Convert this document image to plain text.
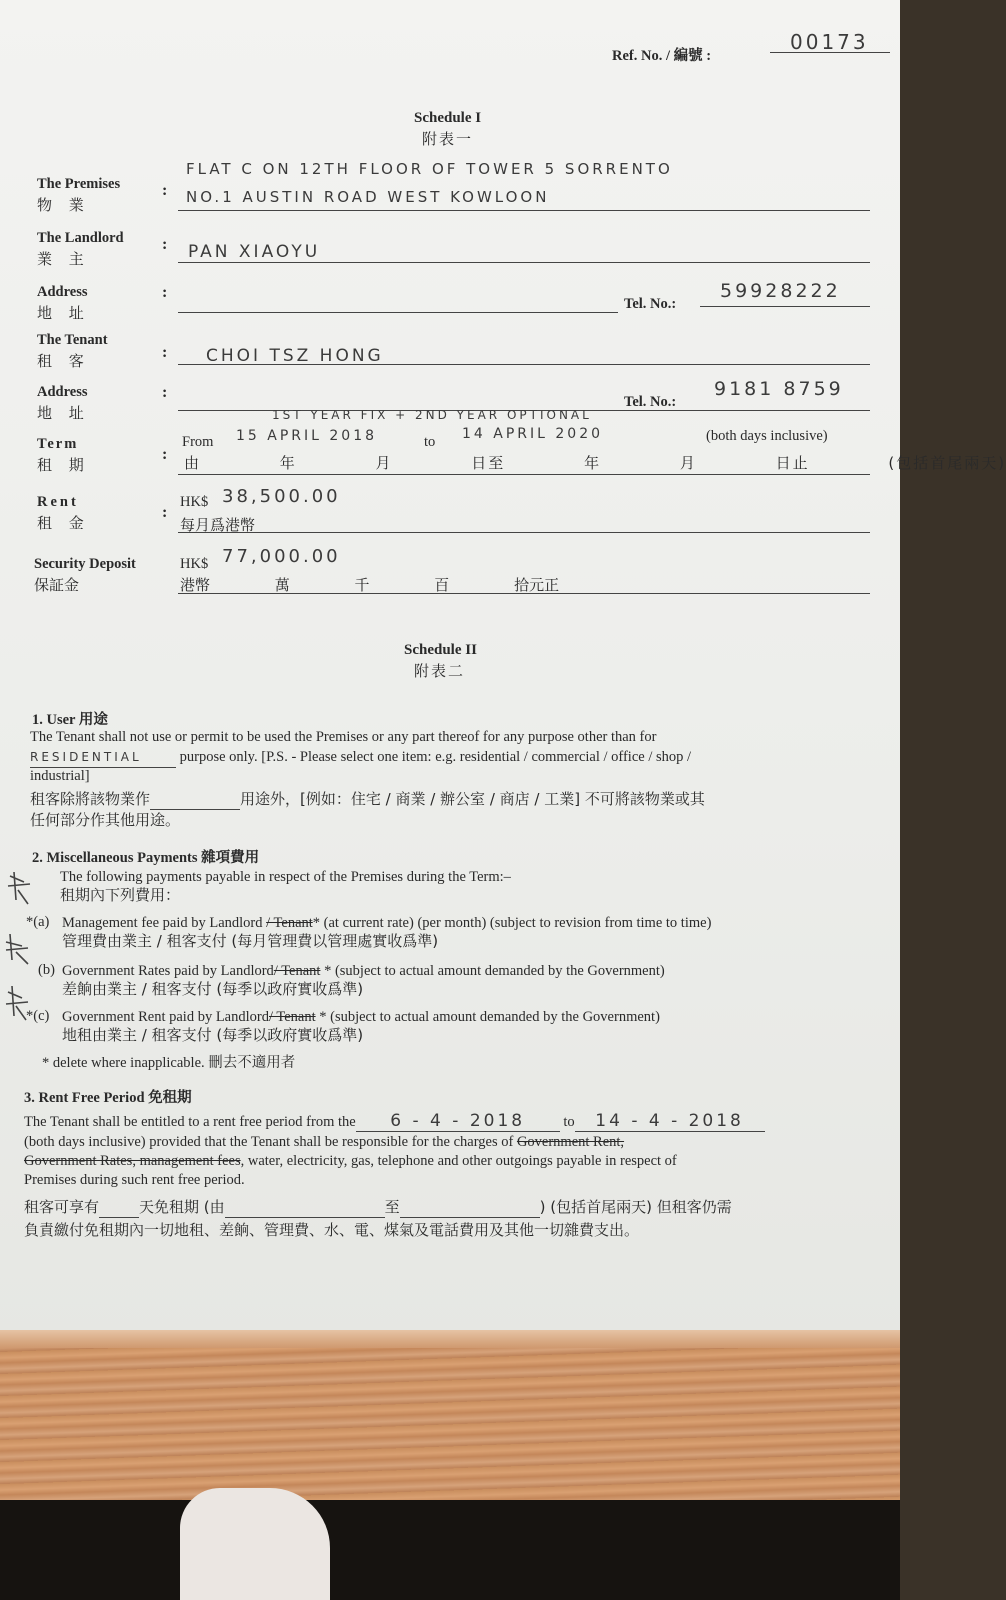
Ref. No. / 編號 :
00173
Schedule I
附表一
The Premises
物 業
:
FLAT C ON 12TH FLOOR OF TOWER 5 SORRENTO
NO.1 AUSTIN ROAD WEST KOWLOON
The Landlord
業 主
: PAN XIAOYU
Address
地 址
:
Tel. No.:
59928222
The Tenant
租 客	: CHOI TSZ HONG
Address
地 址
:
Tel. No.:
9181 8759
1ST YEAR FIX + 2ND YEAR OPTIONAL
Term
租 期
:
From 15 APRIL 2018	to 14 APRIL 2020	(both days inclusive)
由 年 月 日至 年 月 日止 (包括首尾兩天)
Rent
租 金
:
HK$ 38,500.00
每月爲港幣
Security Deposit
保証金
HK$ 77,000.00
港幣 萬 千 百 拾元正
Schedule II
附表二
1. User 用途
The Tenant shall not use or permit to be used the Premises or any part thereof for any purpose other than for
RESIDENTIAL	purpose only. [P.S. - Please select one item: e.g. residential / commercial / office / shop /
industrial]
租客除將該物業作	用途外，[例如：住宅 / 商業 / 辦公室 / 商店 / 工業] 不可將該物業或其
任何部分作其他用途。
2. Miscellaneous Payments 雜項費用
The following payments payable in respect of the Premises during the Term:–
租期內下列費用：
*(a) Management fee paid by Landlord / Tenant* (at current rate) (per month) (subject to revision from time to time)
管理費由業主 / 租客支付 (每月管理費以管理處實收爲準)
(b) Government Rates paid by Landlord/ Tenant * (subject to actual amount demanded by the Government)
差餉由業主 / 租客支付 (每季以政府實收爲準)
*(c) Government Rent paid by Landlord/ Tenant * (subject to actual amount demanded by the Government)
地租由業主 / 租客支付 (每季以政府實收爲準)
* delete where inapplicable. 刪去不適用者
3. Rent Free Period 免租期
The Tenant shall be entitled to a rent free period from the 6 - 4 - 2018	to 14 - 4 - 2018
(both days inclusive) provided that the Tenant shall be responsible for the charges of Government Rent,
Government Rates, management fees, water, electricity, gas, telephone and other outgoings payable in respect of
Premises during such rent free period.
租客可享有	天免租期 (由	至	) (包括首尾兩天) 但租客仍需
負責繳付免租期內一切地租、差餉、管理費、水、電、煤氣及電話費用及其他一切雜費支出。
